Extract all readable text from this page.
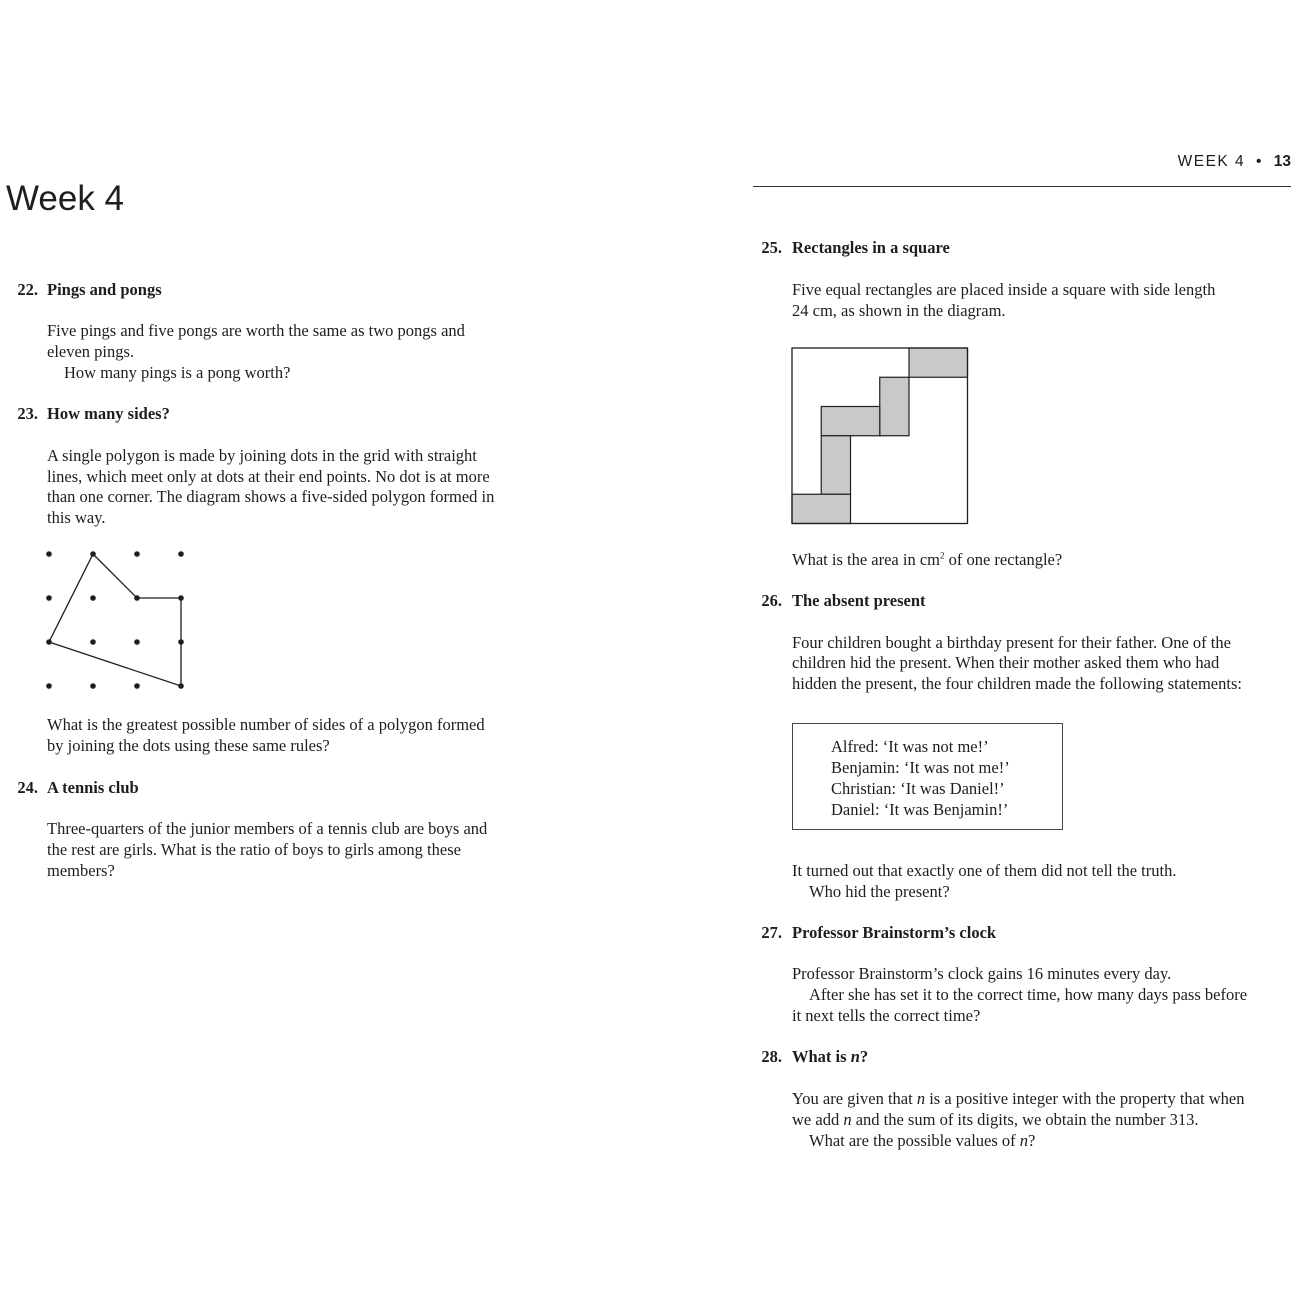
Week 4
22. Pings and pongs
Five pings and five pongs are worth the same as two pongs and
eleven pings.
How many pings is a pong worth?
23. How many sides?
A single polygon is made by joining dots in the grid with straight
lines, which meet only at dots at their end points. No dot is at more
than one corner. The diagram shows a five-sided polygon formed in
this way.
What is the greatest possible number of sides of a polygon formed
by joining the dots using these same rules?
24. A tennis club
Three-quarters of the junior members of a tennis club are boys and
the rest are girls. What is the ratio of boys to girls among these
members?
WEEK 4 • 13
25. Rectangles in a square
Five equal rectangles are placed inside a square with side length
24 cm, as shown in the diagram.
What is the area in $cm^2$ of one rectangle?
26. The absent present
Four children bought a birthday present for their father. One of the
children hid the present. When their mother asked them who had
hidden the present, the four children made the following statements:
Alfred: ‘It was not me!’
Benjamin: ‘It was not me!’
Christian: ‘It was Daniel!’
Daniel: ‘It was Benjamin!’
It turned out that exactly one of them did not tell the truth.
Who hid the present?
27. Professor Brainstorm’s clock
Professor Brainstorm’s clock gains 16 minutes every day.
After she has set it to the correct time, how many days pass before
it next tells the correct time?
28. What is n?
You are given that n is a positive integer with the property that when
we add n and the sum of its digits, we obtain the number 313.
What are the possible values of n?
